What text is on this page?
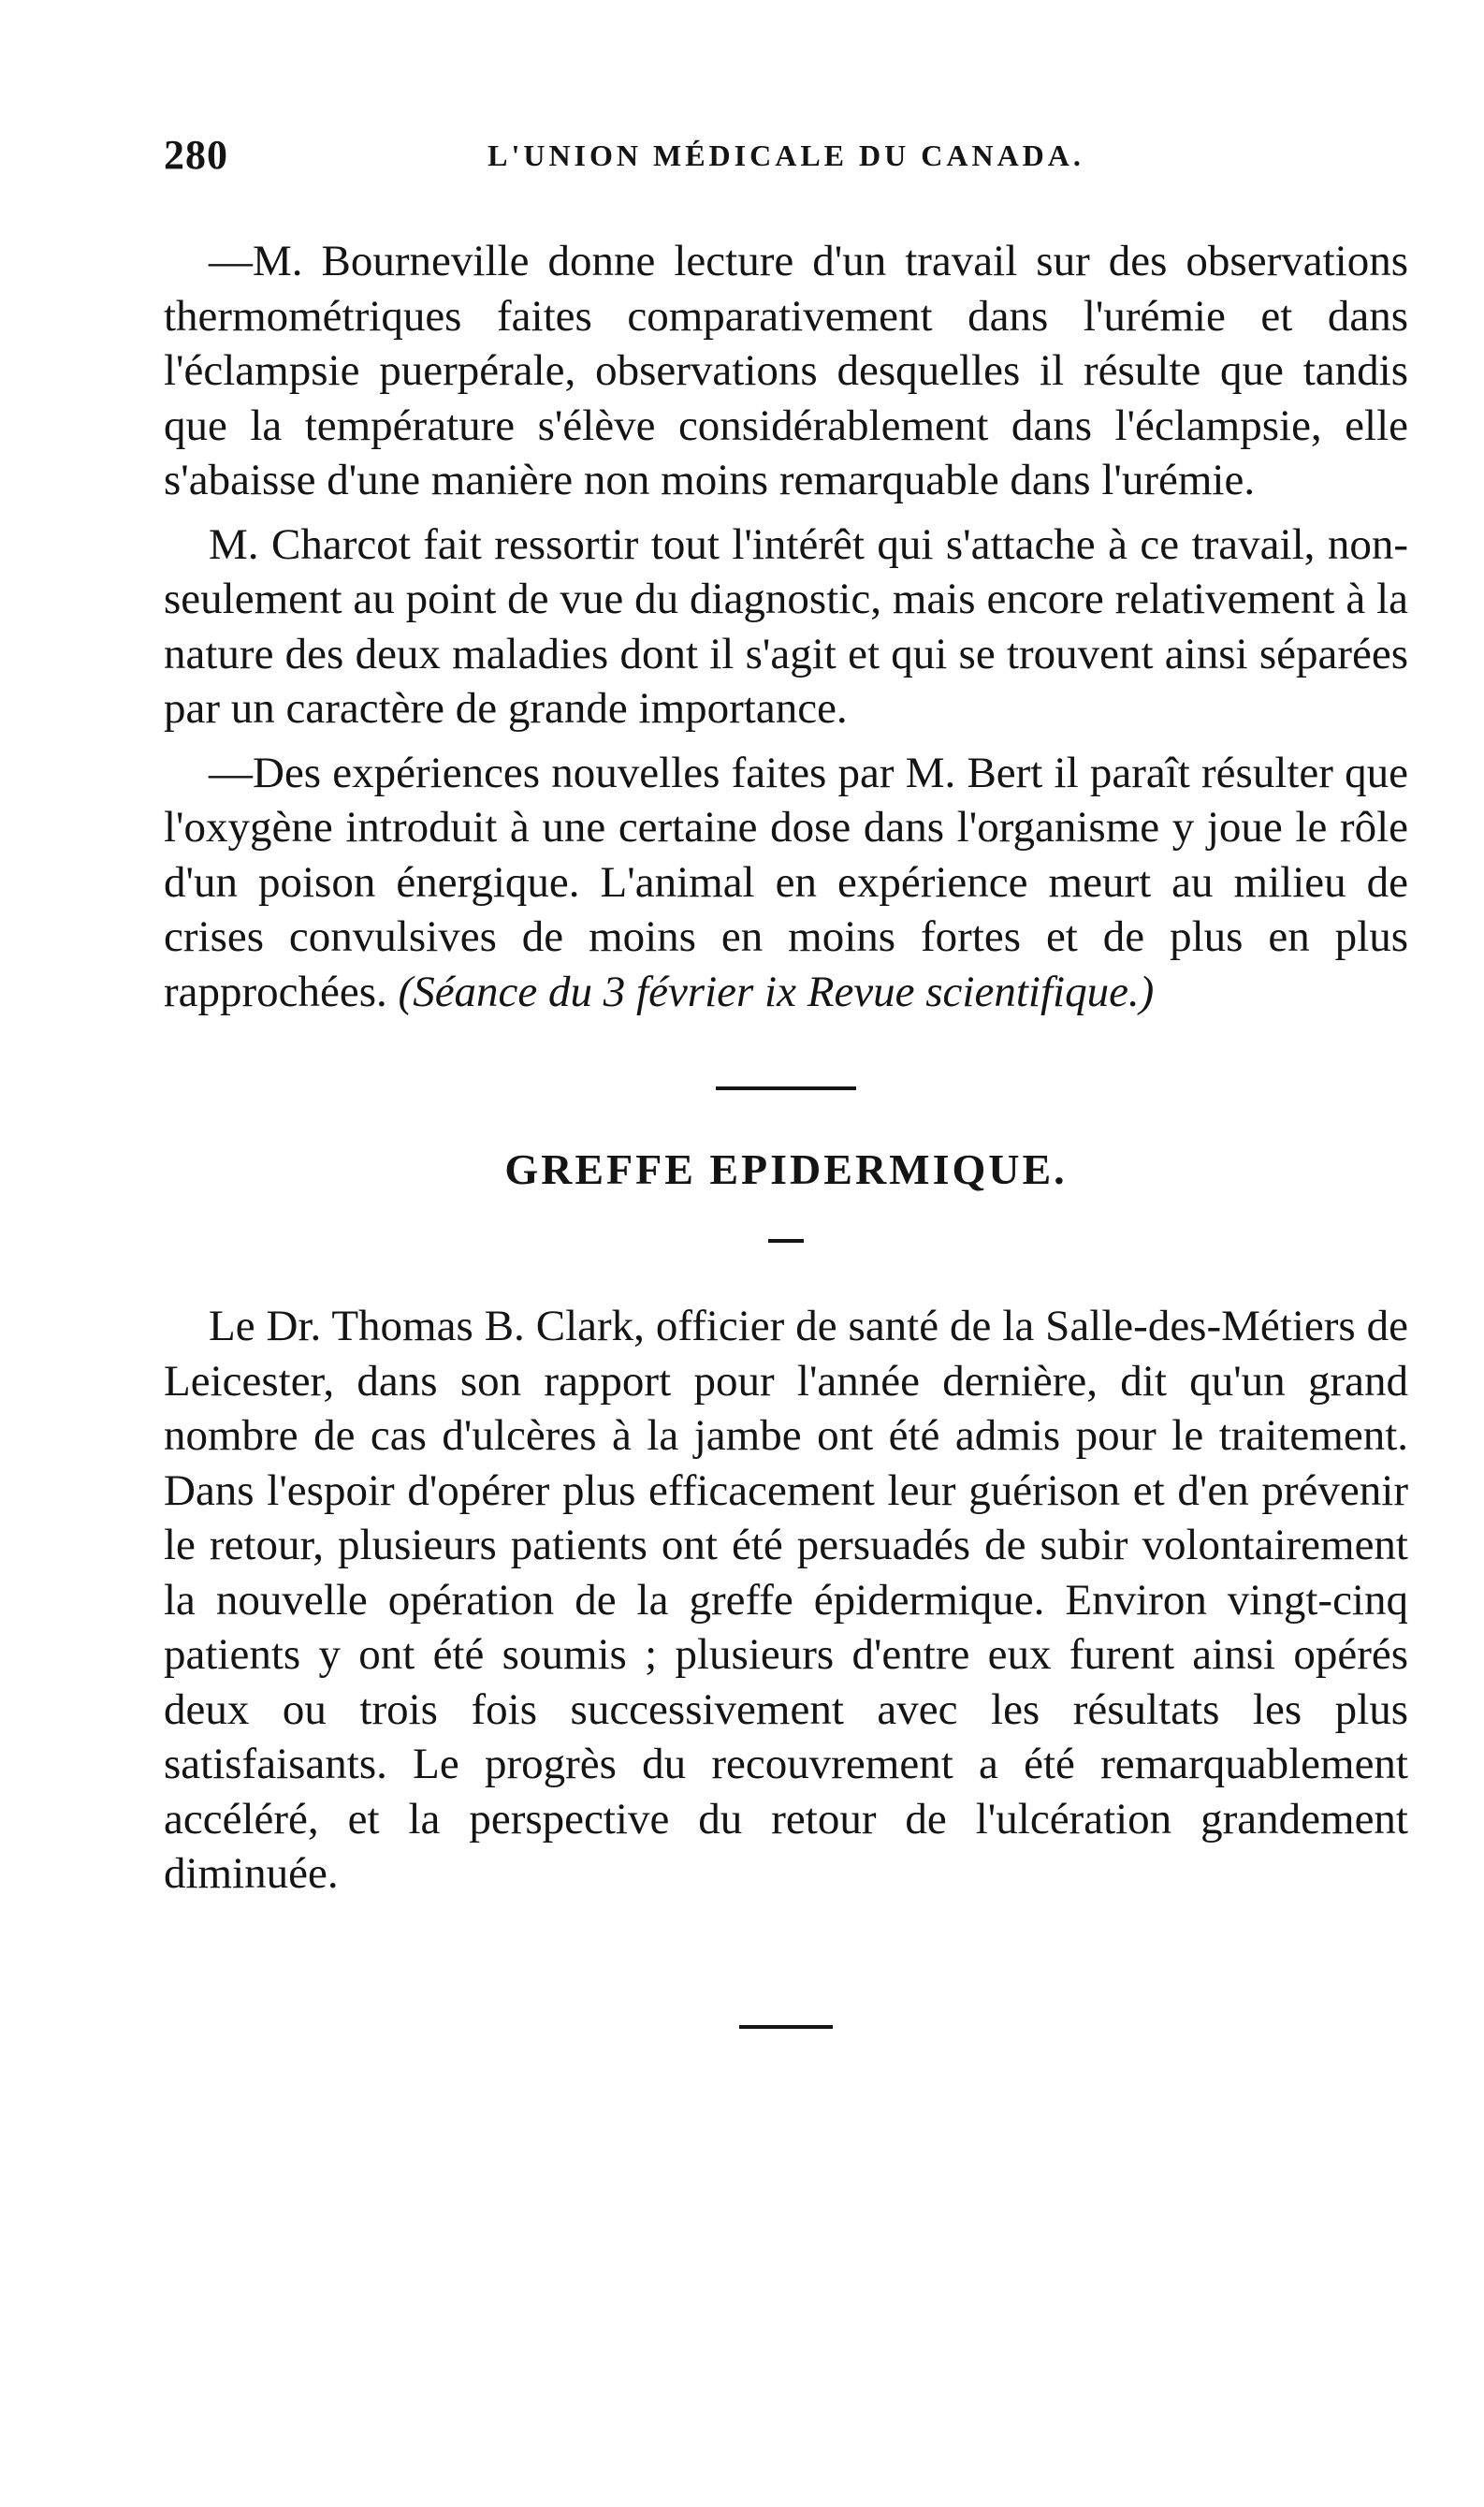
280	L'UNION MÉDICALE DU CANADA.

—M. Bourneville donne lecture d'un travail sur des observations thermométriques faites comparativement dans l'urémie et dans l'éclampsie puerpérale, observations desquelles il résulte que tandis que la température s'élève considérablement dans l'éclampsie, elle s'abaisse d'une manière non moins remarquable dans l'urémie.

M. Charcot fait ressortir tout l'intérêt qui s'attache à ce travail, non-seulement au point de vue du diagnostic, mais encore relativement à la nature des deux maladies dont il s'agit et qui se trouvent ainsi séparées par un caractère de grande importance.

—Des expériences nouvelles faites par M. Bert il paraît résulter que l'oxygène introduit à une certaine dose dans l'organisme y joue le rôle d'un poison énergique. L'animal en expérience meurt au milieu de crises convulsives de moins en moins fortes et de plus en plus rapprochées. (Séance du 3 février ix Revue scientifique.)

GREFFE EPIDERMIQUE.

Le Dr. Thomas B. Clark, officier de santé de la Salle-des-Métiers de Leicester, dans son rapport pour l'année dernière, dit qu'un grand nombre de cas d'ulcères à la jambe ont été admis pour le traitement. Dans l'espoir d'opérer plus efficacement leur guérison et d'en prévenir le retour, plusieurs patients ont été persuadés de subir volontairement la nouvelle opération de la greffe épidermique. Environ vingt-cinq patients y ont été soumis ; plusieurs d'entre eux furent ainsi opérés deux ou trois fois successivement avec les résultats les plus satisfaisants. Le progrès du recouvrement a été remarquablement accéléré, et la perspective du retour de l'ulcération grandement diminuée.
